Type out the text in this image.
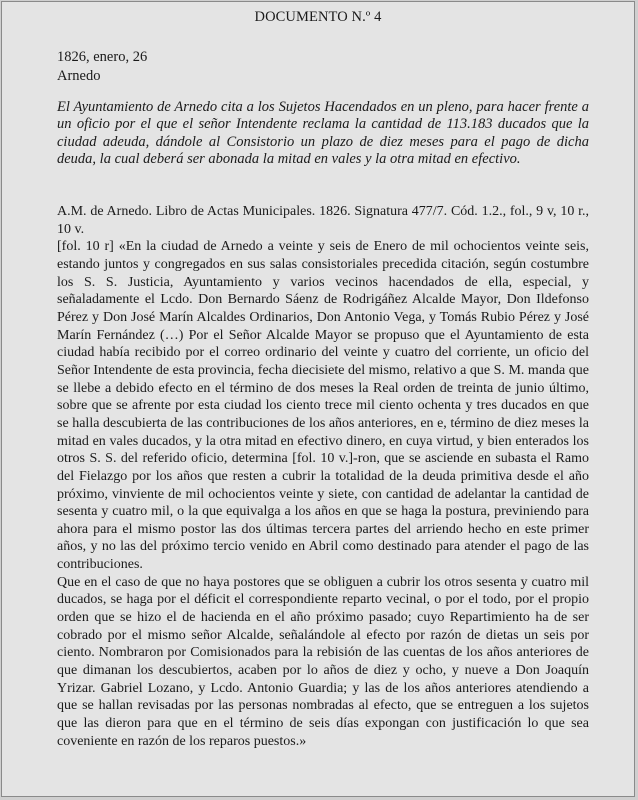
DOCUMENTO N.º 4
1826, enero, 26
Arnedo
El Ayuntamiento de Arnedo cita a los Sujetos Hacendados en un pleno, para hacer frente a un oficio por el que el señor Intendente reclama la cantidad de 113.183 ducados que la ciudad adeuda, dándole al Consistorio un plazo de diez meses para el pago de dicha deuda, la cual deberá ser abonada la mitad en vales y la otra mitad en efectivo.

A.M. de Arnedo. Libro de Actas Municipales. 1826. Signatura 477/7. Cód. 1.2., fol., 9 v, 10 r., 10 v.

[fol. 10 r] «En la ciudad de Arnedo a veinte y seis de Enero de mil ochocientos veinte seis, estando juntos y congregados en sus salas consistoriales precedida citación, según costumbre los S. S. Justicia, Ayuntamiento y varios vecinos hacendados de ella, especial, y señaladamente el Lcdo. Don Bernardo Sáenz de Rodrigáñez Alcalde Mayor, Don Ildefonso Pérez y Don José Marín Alcaldes Ordinarios, Don Antonio Vega, y Tomás Rubio Pérez y José Marín Fernández (…) Por el Señor Alcalde Mayor se propuso que el Ayuntamiento de esta ciudad había recibido por el correo ordinario del veinte y cuatro del corriente, un oficio del Señor Intendente de esta provincia, fecha diecisiete del mismo, relativo a que S. M. manda que se llebe a debido efecto en el término de dos meses la Real orden de treinta de junio último, sobre que se afrente por esta ciudad los ciento trece mil ciento ochenta y tres ducados en que se halla descubierta de las contribuciones de los años anteriores, en e, término de diez meses la mitad en vales ducados, y la otra mitad en efectivo dinero, en cuya virtud, y bien enterados los otros S. S. del referido oficio, determina [fol. 10 v.]-ron, que se asciende en subasta el Ramo del Fielazgo por los años que resten a cubrir la totalidad de la deuda primitiva desde el año próximo, vinviente de mil ochocientos veinte y siete, con cantidad de adelantar la cantidad de sesenta y cuatro mil, o la que equivalga a los años en que se haga la postura, previniendo para ahora para el mismo postor las dos últimas tercera partes del arriendo hecho en este primer años, y no las del próximo tercio venido en Abril como destinado para atender el pago de las contribuciones.

Que en el caso de que no haya postores que se obliguen a cubrir los otros sesenta y cuatro mil ducados, se haga por el déficit el correspondiente reparto vecinal, o por el todo, por el propio orden que se hizo el de hacienda en el año próximo pasado; cuyo Repartimiento ha de ser cobrado por el mismo señor Alcalde, señalándole al efecto por razón de dietas un seis por ciento. Nombraron por Comisionados para la rebisión de las cuentas de los años anteriores de que dimanan los descubiertos, acaben por lo años de diez y ocho, y nueve a Don Joaquín Yrizar. Gabriel Lozano, y Lcdo. Antonio Guardia; y las de los años anteriores atendiendo a que se hallan revisadas por las personas nombradas al efecto, que se entreguen a los sujetos que las dieron para que en el término de seis días expongan con justificación lo que sea coveniente en razón de los reparos puestos.»
